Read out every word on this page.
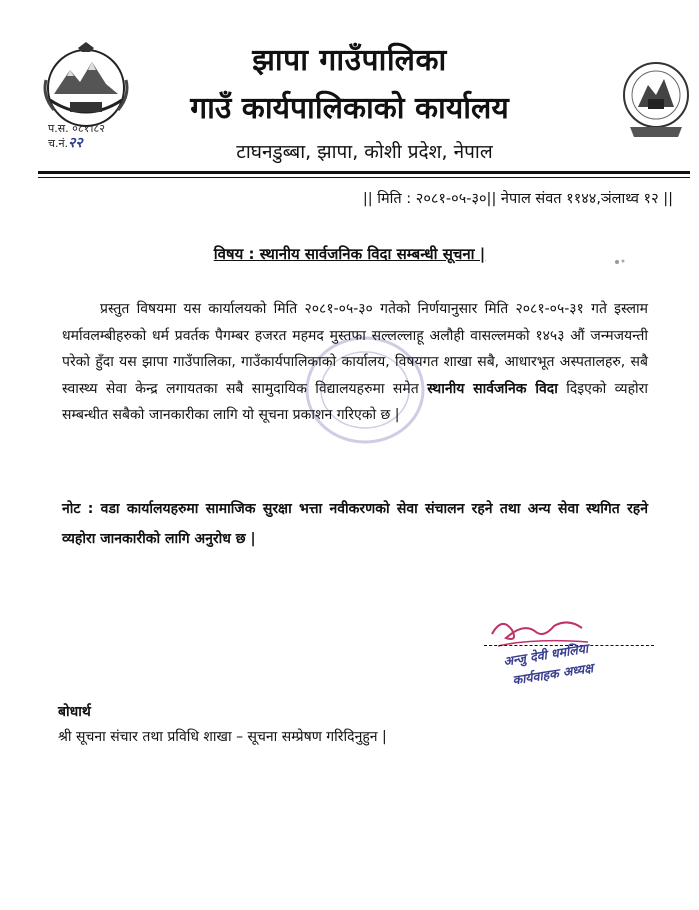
प.स. ०८१।८२
च.नं.२२
झापा गाउँपालिका
गाउँ कार्यपालिकाको कार्यालय
टाघनडुब्बा, झापा, कोशी प्रदेश, नेपाल
|| मिति : २०८१-०५-३०|| नेपाल संवत ११४४,ञंलाथ्व १२ ||
विषय : स्थानीय सार्वजनिक विदा सम्बन्धी सूचना |
प्रस्तुत विषयमा यस कार्यालयको मिति २०८१-०५-३० गतेको निर्णयानुसार मिति २०८१-०५-३१ गते इस्लाम धर्मावलम्बीहरुको धर्म प्रवर्तक पैगम्बर हजरत महमद मुस्तफा सल्लल्लाहू अलौही वासल्लमको १४५३ औं जन्मजयन्ती परेको हुँदा यस झापा गाउँपालिका, गाउँकार्यपालिकाको कार्यालय, विषयगत शाखा सबै, आधारभूत अस्पतालहरु, सबै स्वास्थ्य सेवा केन्द्र लगायतका सबै सामुदायिक विद्यालयहरुमा समेत स्थानीय सार्वजनिक विदा दिइएको व्यहोरा सम्बन्धीत सबैको जानकारीका लागि यो सूचना प्रकाशन गरिएको छ |
नोट : वडा कार्यालयहरुमा सामाजिक सुरक्षा भत्ता नवीकरणको सेवा संचालन रहने तथा अन्य सेवा स्थगित रहने व्यहोरा जानकारीको लागि अनुरोध छ |
अन्जु देवी धमलिया
कार्यवाहक अध्यक्ष
बोधार्थ
श्री सूचना संचार तथा प्रविधि शाखा – सूचना सम्प्रेषण गरिदिनुहुन |
